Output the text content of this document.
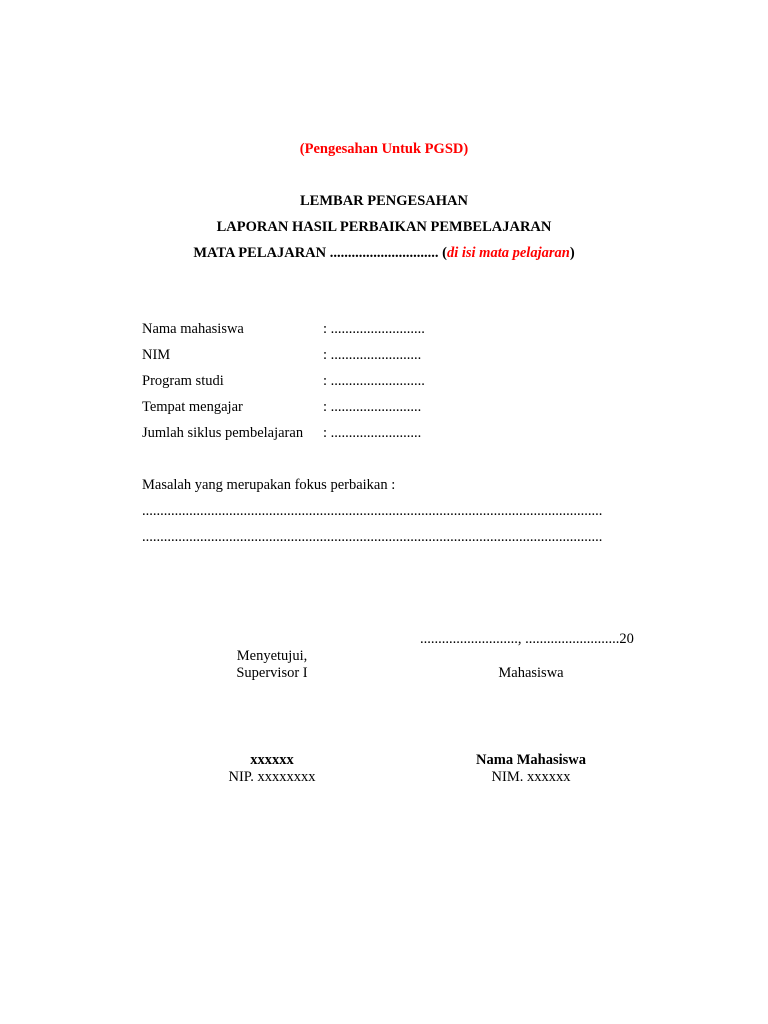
(Pengesahan Untuk PGSD)
LEMBAR PENGESAHAN
LAPORAN HASIL PERBAIKAN PEMBELAJARAN
MATA PELAJARAN .............................. (di isi mata pelajaran)
Nama mahasiswa	: ..........................
NIM	: .........................
Program studi	: ..........................
Tempat mengajar	: .........................
Jumlah siklus pembelajaran : .........................
Masalah yang merupakan fokus perbaikan :
...............................................................................................................................
...............................................................................................................................
..........................., ..........................20
Menyetujui,
Supervisor I
xxxxxx
NIP. xxxxxxxx
Mahasiswa
Nama Mahasiswa
NIM. xxxxxx
